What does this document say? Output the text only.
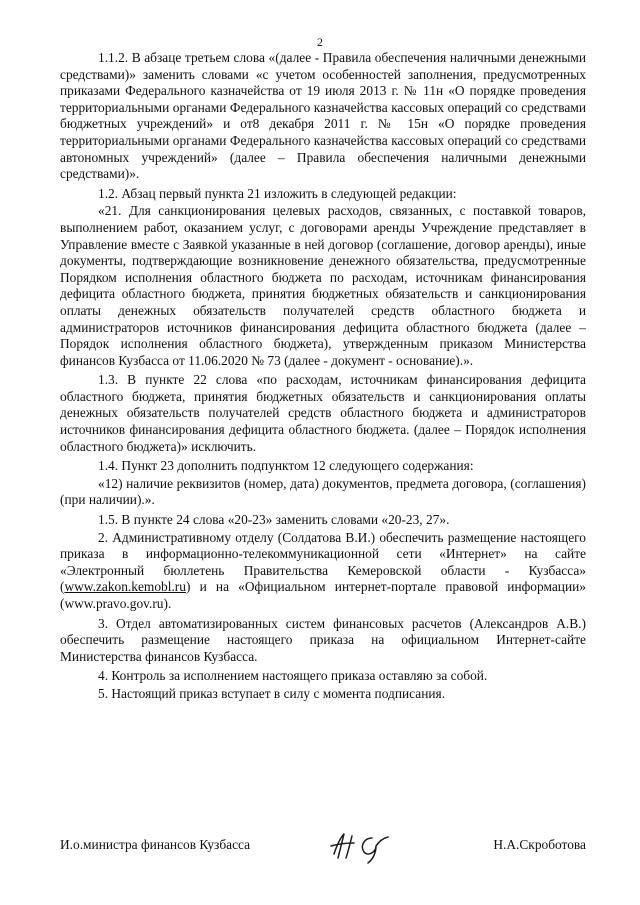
2

1.1.2. В абзаце третьем слова «(далее - Правила обеспечения наличными денежными средствами)» заменить словами «с учетом особенностей заполнения, предусмотренных приказами Федерального казначейства от 19 июля 2013 г. № 11н «О порядке проведения территориальными органами Федерального казначейства кассовых операций со средствами бюджетных учреждений» и от8 декабря 2011 г. № 15н «О порядке проведения территориальными органами Федерального казначейства кассовых операций со средствами автономных учреждений» (далее – Правила обеспечения наличными денежными средствами)».

1.2. Абзац первый пункта 21 изложить в следующей редакции:

«21. Для санкционирования целевых расходов, связанных, с поставкой товаров, выполнением работ, оказанием услуг, с договорами аренды Учреждение представляет в Управление вместе с Заявкой указанные в ней договор (соглашение, договор аренды), иные документы, подтверждающие возникновение денежного обязательства, предусмотренные Порядком исполнения областного бюджета по расходам, источникам финансирования дефицита областного бюджета, принятия бюджетных обязательств и санкционирования оплаты денежных обязательств получателей средств областного бюджета и администраторов источников финансирования дефицита областного бюджета (далее – Порядок исполнения областного бюджета), утвержденным приказом Министерства финансов Кузбасса от 11.06.2020 № 73 (далее - документ - основание).».

1.3. В пункте 22 слова «по расходам, источникам финансирования дефицита областного бюджета, принятия бюджетных обязательств и санкционирования оплаты денежных обязательств получателей средств областного бюджета и администраторов источников финансирования дефицита областного бюджета. (далее – Порядок исполнения областного бюджета)» исключить.

1.4. Пункт 23 дополнить подпунктом 12 следующего содержания:

«12) наличие реквизитов (номер, дата) документов, предмета договора, (соглашения) (при наличии).».

1.5. В пункте 24 слова «20-23» заменить словами «20-23, 27».

2. Административному отделу (Солдатова В.И.) обеспечить размещение настоящего приказа в информационно-телекоммуникационной сети «Интернет» на сайте «Электронный бюллетень Правительства Кемеровской области - Кузбасса» (www.zakon.kemobl.ru) и на «Официальном интернет-портале правовой информации» (www.pravo.gov.ru).

3. Отдел автоматизированных систем финансовых расчетов (Александров А.В.) обеспечить размещение настоящего приказа на официальном Интернет-сайте Министерства финансов Кузбасса.

4. Контроль за исполнением настоящего приказа оставляю за собой.

5. Настоящий приказ вступает в силу с момента подписания.

И.о.министра финансов Кузбасса	Н.А.Скроботова
